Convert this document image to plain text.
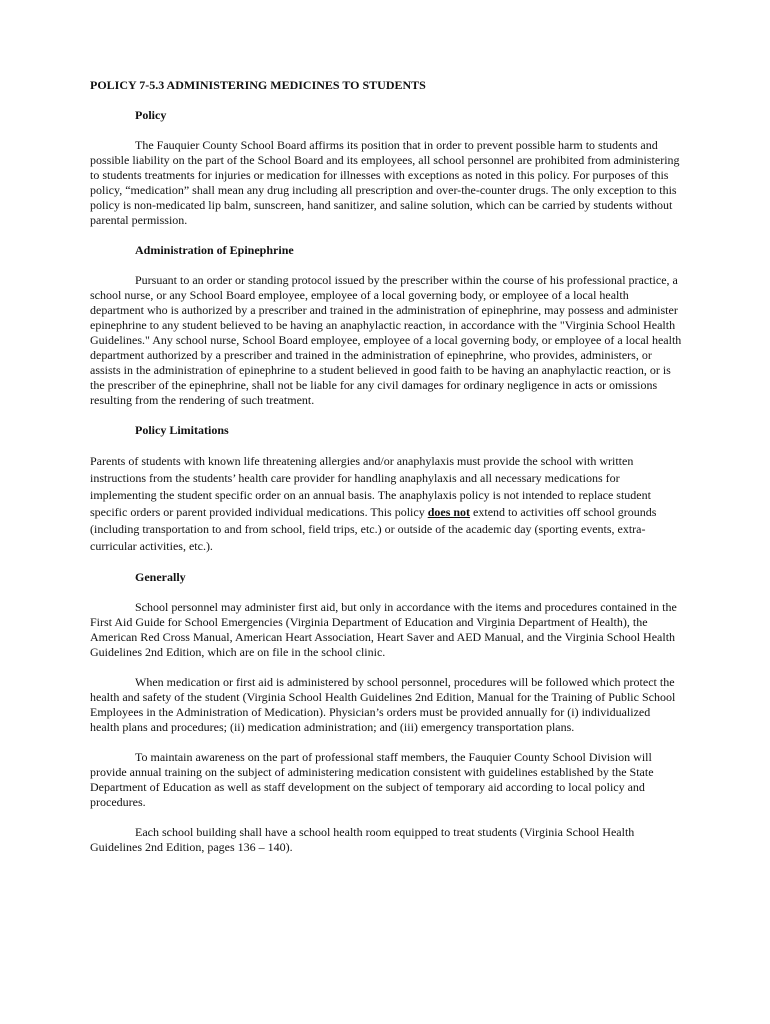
POLICY 7-5.3 ADMINISTERING MEDICINES TO STUDENTS
Policy

The Fauquier County School Board affirms its position that in order to prevent possible harm to students and possible liability on the part of the School Board and its employees, all school personnel are prohibited from administering to students treatments for injuries or medication for illnesses with exceptions as noted in this policy. For purposes of this policy, “medication” shall mean any drug including all prescription and over-the-counter drugs. The only exception to this policy is non-medicated lip balm, sunscreen, hand sanitizer, and saline solution, which can be carried by students without parental permission.

Administration of Epinephrine

Pursuant to an order or standing protocol issued by the prescriber within the course of his professional practice, a school nurse, or any School Board employee, employee of a local governing body, or employee of a local health department who is authorized by a prescriber and trained in the administration of epinephrine, may possess and administer epinephrine to any student believed to be having an anaphylactic reaction, in accordance with the "Virginia School Health Guidelines." Any school nurse, School Board employee, employee of a local governing body, or employee of a local health department authorized by a prescriber and trained in the administration of epinephrine, who provides, administers, or assists in the administration of epinephrine to a student believed in good faith to be having an anaphylactic reaction, or is the prescriber of the epinephrine, shall not be liable for any civil damages for ordinary negligence in acts or omissions resulting from the rendering of such treatment.

Policy Limitations

Parents of students with known life threatening allergies and/or anaphylaxis must provide the school with written instructions from the students’ health care provider for handling anaphylaxis and all necessary medications for implementing the student specific order on an annual basis. The anaphylaxis policy is not intended to replace student specific orders or parent provided individual medications. This policy does not extend to activities off school grounds (including transportation to and from school, field trips, etc.) or outside of the academic day (sporting events, extra-curricular activities, etc.).

Generally

School personnel may administer first aid, but only in accordance with the items and procedures contained in the First Aid Guide for School Emergencies (Virginia Department of Education and Virginia Department of Health), the American Red Cross Manual, American Heart Association, Heart Saver and AED Manual, and the Virginia School Health Guidelines 2nd Edition, which are on file in the school clinic.

When medication or first aid is administered by school personnel, procedures will be followed which protect the health and safety of the student (Virginia School Health Guidelines 2nd Edition, Manual for the Training of Public School Employees in the Administration of Medication). Physician’s orders must be provided annually for (i) individualized health plans and procedures; (ii) medication administration; and (iii) emergency transportation plans.

To maintain awareness on the part of professional staff members, the Fauquier County School Division will provide annual training on the subject of administering medication consistent with guidelines established by the State Department of Education as well as staff development on the subject of temporary aid according to local policy and procedures.

Each school building shall have a school health room equipped to treat students (Virginia School Health Guidelines 2nd Edition, pages 136 – 140).
